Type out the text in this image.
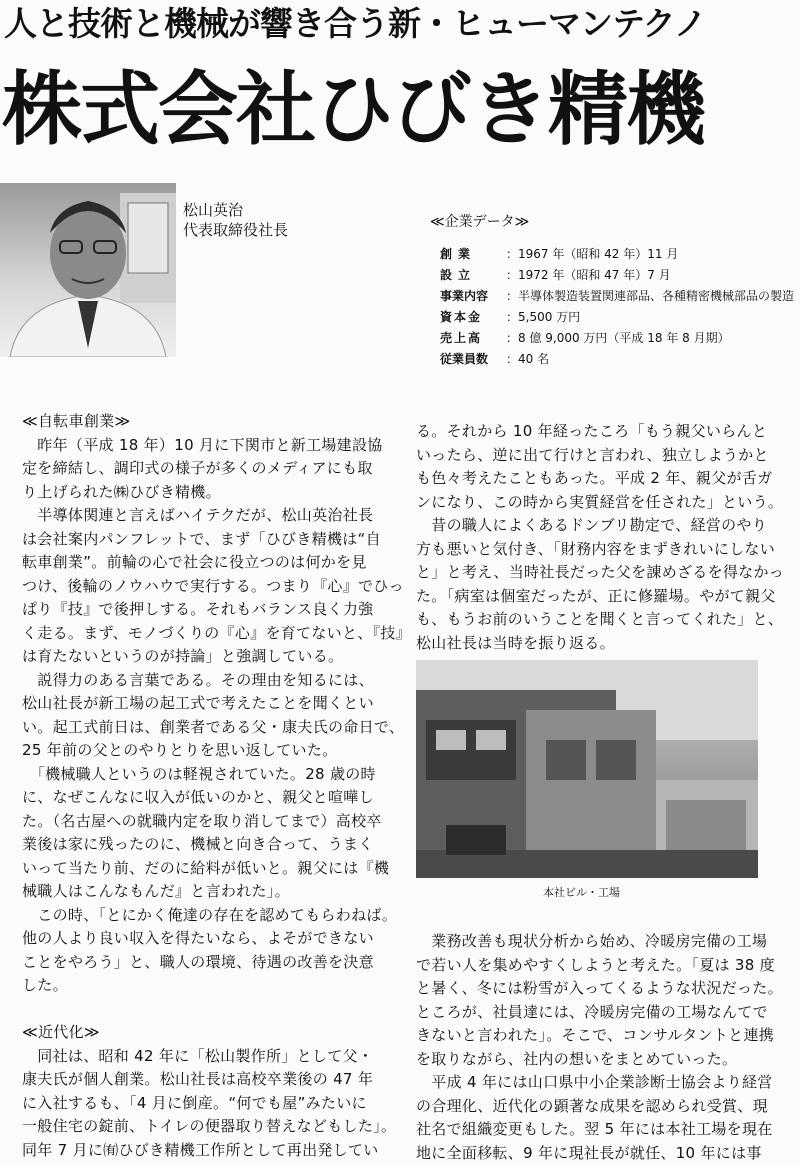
人と技術と機械が響き合う新・ヒューマンテクノ
株式会社ひびき精機
松山英治
代表取締役社長	≪企業データ≫
創業 ：1967 年（昭和 42 年）11 月
設立 ：1972 年（昭和 47 年）7 月
事業内容 ：半導体製造装置関連部品、各種精密機械部品の製造
資本金 ：5,500 万円
売上高 ：8 億 9,000 万円（平成 18 年 8 月期）
従業員数 ：40 名

≪自転車創業≫

　昨年（平成 18 年）10 月に下関市と新工場建設協

定を締結し、調印式の様子が多くのメディアにも取

り上げられた㈱ひびき精機。

　半導体関連と言えばハイテクだが、松山英治社長

は会社案内パンフレットで、まず「ひびき精機は“自

転車創業”。前輪の心で社会に役立つのは何かを見

つけ、後輪のノウハウで実行する。つまり『心』でひっ

ぱり『技』で後押しする。それもバランス良く力強

く走る。まず、モノづくりの『心』を育てないと、『技』

は育たないというのが持論」と強調している。

　説得力のある言葉である。その理由を知るには、

松山社長が新工場の起工式で考えたことを聞くとい

い。起工式前日は、創業者である父・康夫氏の命日で、

25 年前の父とのやりとりを思い返していた。

　「機械職人というのは軽視されていた。28 歳の時

に、なぜこんなに収入が低いのかと、親父と喧嘩し

た。（名古屋への就職内定を取り消してまで）高校卒

業後は家に残ったのに、機械と向き合って、うまく

いって当たり前、だのに給料が低いと。親父には『機

械職人はこんなもんだ』と言われた」。

　この時、「とにかく俺達の存在を認めてもらわねば。

他の人より良い収入を得たいなら、よそができない

ことをやろう」と、職人の環境、待遇の改善を決意

した。

≪近代化≫

　同社は、昭和 42 年に「松山製作所」として父・

康夫氏が個人創業。松山社長は高校卒業後の 47 年

に入社するも、「4 月に倒産。“何でも屋”みたいに

一般住宅の錠前、トイレの便器取り替えなどもした」。

同年 7 月に㈲ひびき精機工作所として再出発してい

る。それから 10 年経ったころ「もう親父いらんと

いったら、逆に出て行けと言われ、独立しようかと

も色々考えたこともあった。平成 2 年、親父が舌ガ

ンになり、この時から実質経営を任された」という。

　昔の職人によくあるドンブリ勘定で、経営のやり

方も悪いと気付き、「財務内容をまずきれいにしない

と」と考え、当時社長だった父を諌めざるを得なかっ

た。「病室は個室だったが、正に修羅場。やがて親父

も、もうお前のいうことを聞くと言ってくれた」と、

松山社長は当時を振り返る。

本社ビル・工場

　業務改善も現状分析から始め、冷暖房完備の工場

で若い人を集めやすくしようと考えた。「夏は 38 度

と暑く、冬には粉雪が入ってくるような状況だった。

ところが、社員達には、冷暖房完備の工場なんてで

きないと言われた」。そこで、コンサルタントと連携

を取りながら、社内の想いをまとめていった。

　平成 4 年には山口県中小企業診断士協会より経営

の合理化、近代化の顕著な成果を認められ受賞、現

社名で組織変更もした。翌 5 年には本社工場を現在

地に全面移転、9 年に現社長が就任、10 年には事
